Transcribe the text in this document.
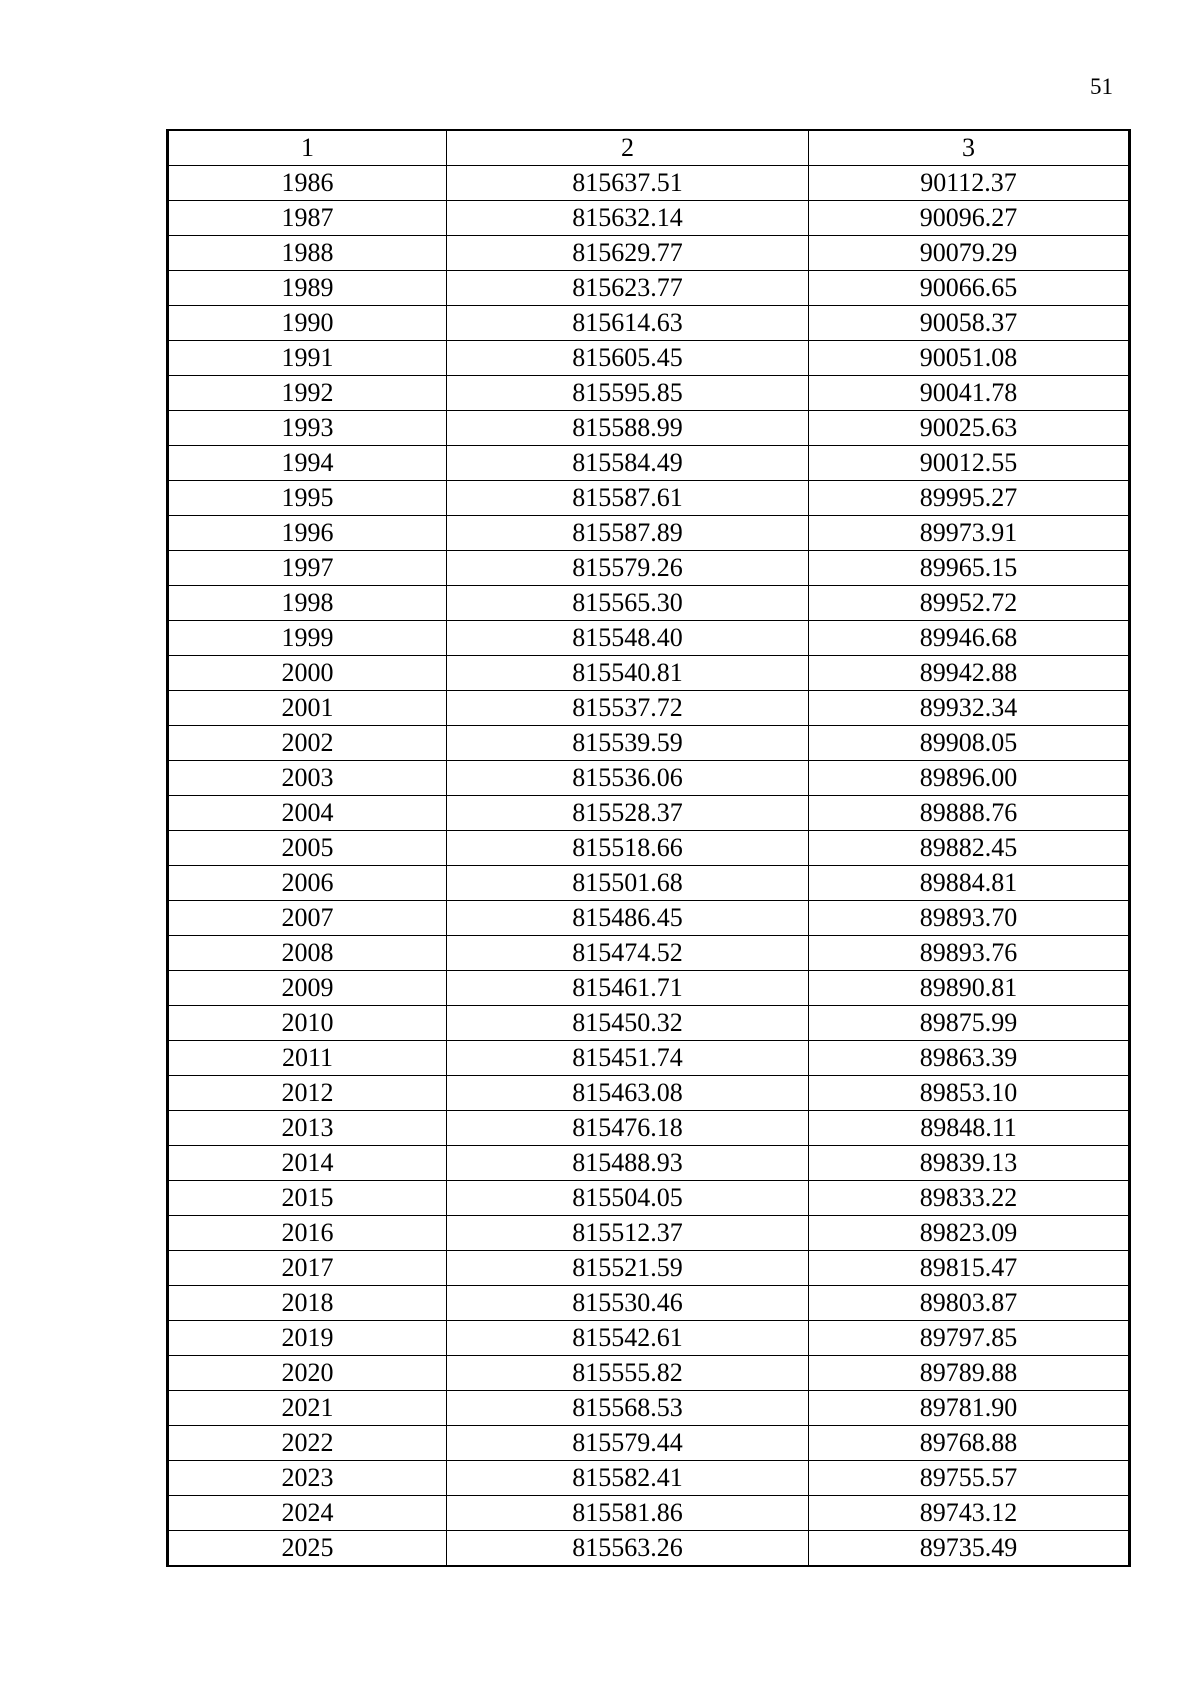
51
1	2	3
1986	815637.51	90112.37
1987	815632.14	90096.27
1988	815629.77	90079.29
1989	815623.77	90066.65
1990	815614.63	90058.37
1991	815605.45	90051.08
1992	815595.85	90041.78
1993	815588.99	90025.63
1994	815584.49	90012.55
1995	815587.61	89995.27
1996	815587.89	89973.91
1997	815579.26	89965.15
1998	815565.30	89952.72
1999	815548.40	89946.68
2000	815540.81	89942.88
2001	815537.72	89932.34
2002	815539.59	89908.05
2003	815536.06	89896.00
2004	815528.37	89888.76
2005	815518.66	89882.45
2006	815501.68	89884.81
2007	815486.45	89893.70
2008	815474.52	89893.76
2009	815461.71	89890.81
2010	815450.32	89875.99
2011	815451.74	89863.39
2012	815463.08	89853.10
2013	815476.18	89848.11
2014	815488.93	89839.13
2015	815504.05	89833.22
2016	815512.37	89823.09
2017	815521.59	89815.47
2018	815530.46	89803.87
2019	815542.61	89797.85
2020	815555.82	89789.88
2021	815568.53	89781.90
2022	815579.44	89768.88
2023	815582.41	89755.57
2024	815581.86	89743.12
2025	815563.26	89735.49
